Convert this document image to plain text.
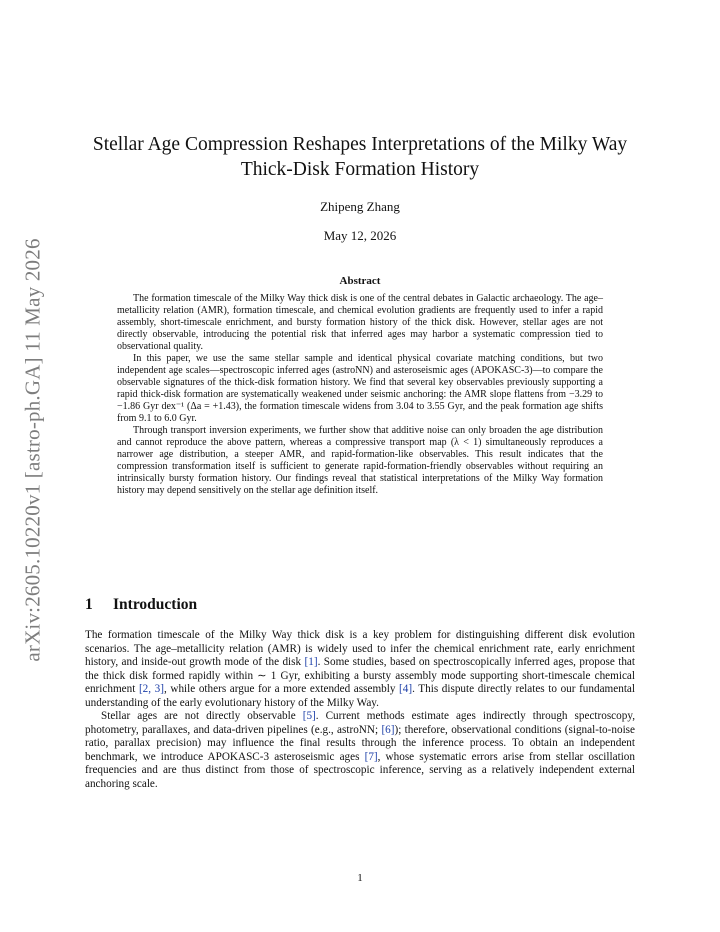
arXiv:2605.10220v1 [astro-ph.GA] 11 May 2026
Stellar Age Compression Reshapes Interpretations of the Milky Way
Thick-Disk Formation History
Zhipeng Zhang
May 12, 2026
Abstract

The formation timescale of the Milky Way thick disk is one of the central debates in Galactic archaeology. The age–metallicity relation (AMR), formation timescale, and chemical evolution gradients are frequently used to infer a rapid assembly, short-timescale enrichment, and bursty formation history of the thick disk. However, stellar ages are not directly observable, introducing the potential risk that inferred ages may harbor a systematic compression tied to observational quality.

In this paper, we use the same stellar sample and identical physical covariate matching conditions, but two independent age scales—spectroscopic inferred ages (astroNN) and asteroseismic ages (APOKASC-3)—to compare the observable signatures of the thick-disk formation history. We find that several key observables previously supporting a rapid thick-disk formation are systematically weakened under seismic anchoring: the AMR slope flattens from −3.29 to −1.86 Gyr dex⁻¹ (Δa = +1.43), the formation timescale widens from 3.04 to 3.55 Gyr, and the peak formation age shifts from 9.1 to 6.0 Gyr.

Through transport inversion experiments, we further show that additive noise can only broaden the age distribution and cannot reproduce the above pattern, whereas a compressive transport map (λ < 1) simultaneously reproduces a narrower age distribution, a steeper AMR, and rapid-formation-like observables. This result indicates that the compression transformation itself is sufficient to generate rapid-formation-friendly observables without requiring an intrinsically bursty formation history. Our findings reveal that statistical interpretations of the Milky Way formation history may depend sensitively on the stellar age definition itself.

1 Introduction

The formation timescale of the Milky Way thick disk is a key problem for distinguishing different disk evolution scenarios. The age–metallicity relation (AMR) is widely used to infer the chemical enrichment rate, early enrichment history, and inside-out growth mode of the disk [1]. Some studies, based on spectroscopically inferred ages, propose that the thick disk formed rapidly within ∼ 1 Gyr, exhibiting a bursty assembly mode supporting short-timescale chemical enrichment [2, 3], while others argue for a more extended assembly [4]. This dispute directly relates to our fundamental understanding of the early evolutionary history of the Milky Way.

Stellar ages are not directly observable [5]. Current methods estimate ages indirectly through spectroscopy, photometry, parallaxes, and data-driven pipelines (e.g., astroNN; [6]); therefore, observational conditions (signal-to-noise ratio, parallax precision) may influence the final results through the inference process. To obtain an independent benchmark, we introduce APOKASC-3 asteroseismic ages [7], whose systematic errors arise from stellar oscillation frequencies and are thus distinct from those of spectroscopic inference, serving as a relatively independent external anchoring scale.

1
